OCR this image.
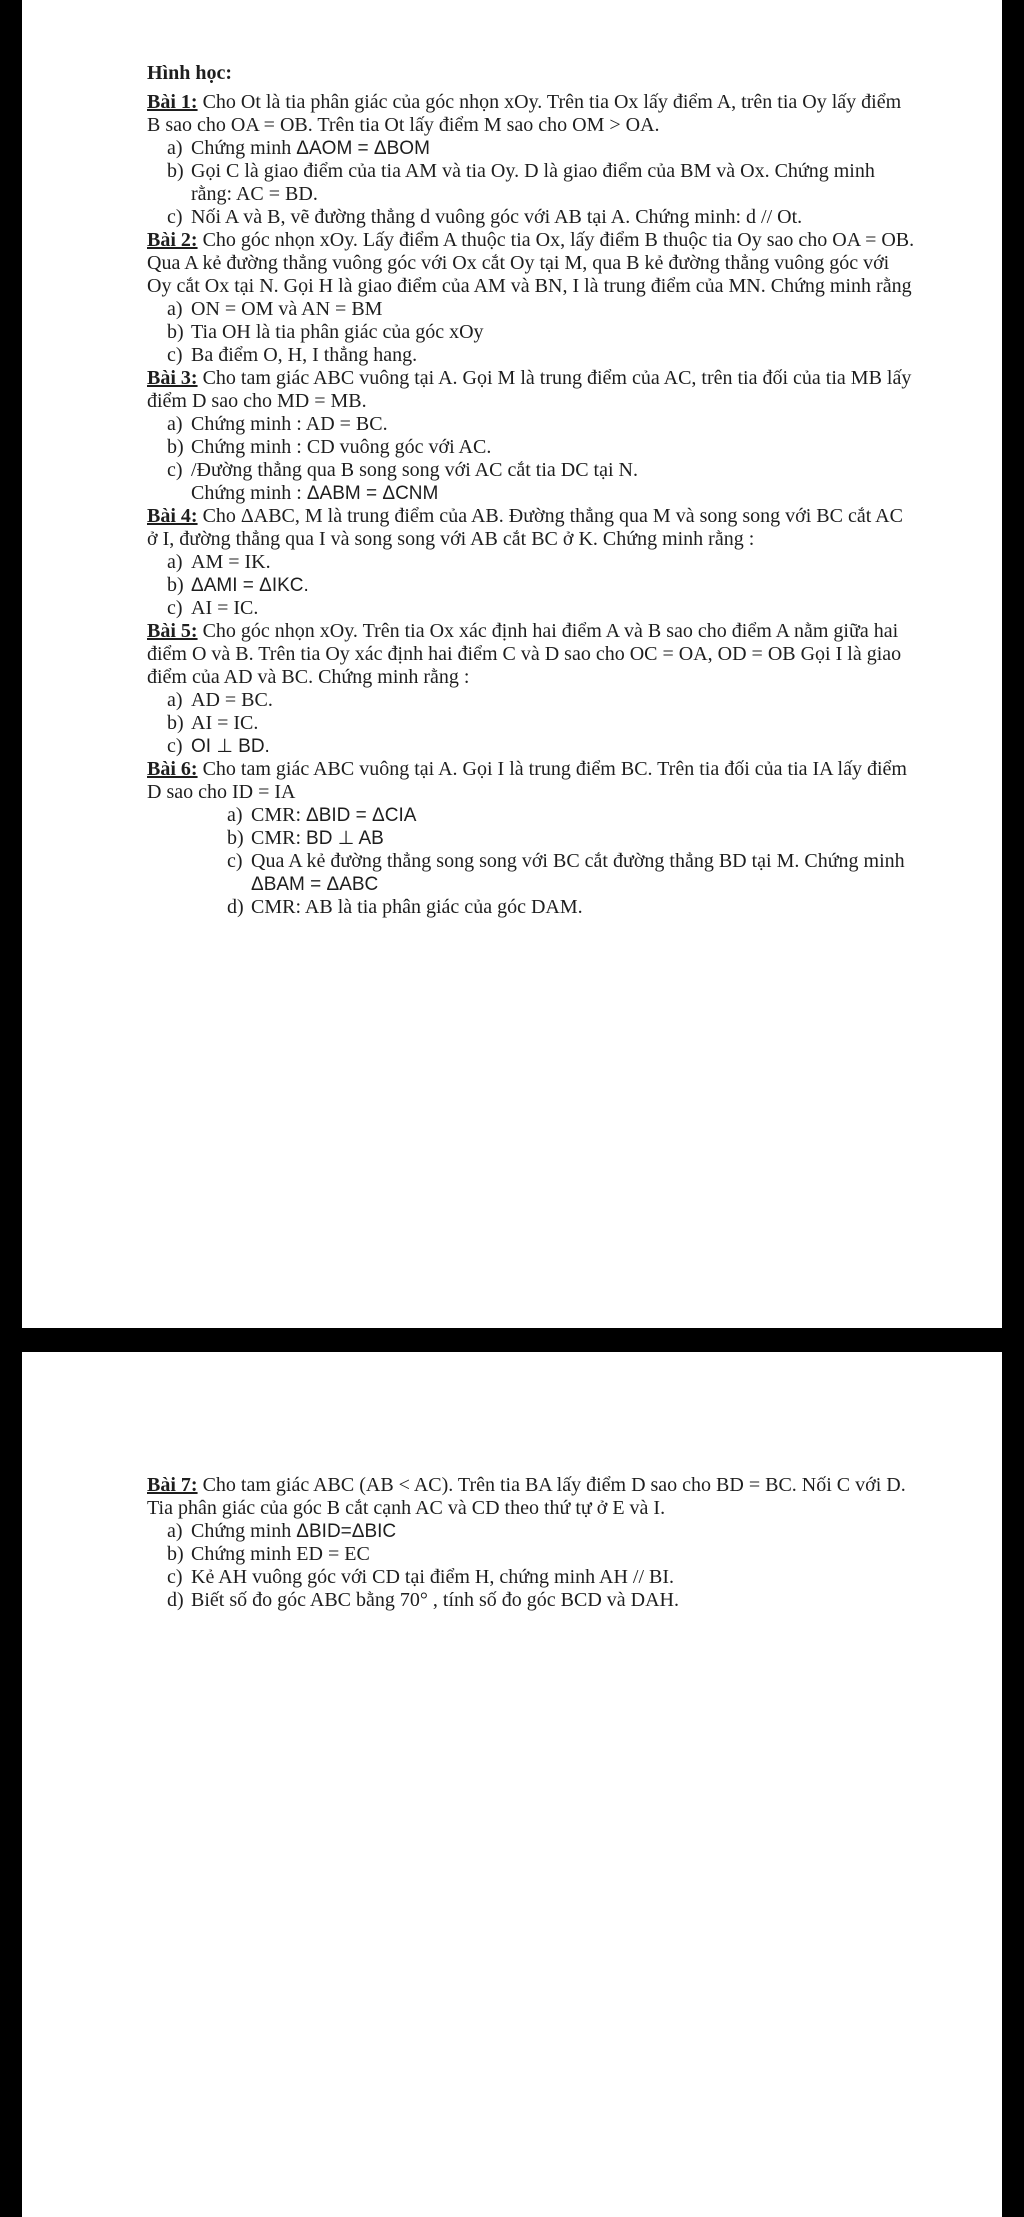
Hình học:

Bài 1: Cho Ot là tia phân giác của góc nhọn xOy. Trên tia Ox lấy điểm A, trên tia Oy lấy điểm B sao cho OA = OB. Trên tia Ot lấy điểm M sao cho OM > OA.

a) Chứng minh ΔAOM = ΔBOM
b) Gọi C là giao điểm của tia AM và tia Oy. D là giao điểm của BM và Ox. Chứng minh rằng: AC = BD.
c) Nối A và B, vẽ đường thẳng d vuông góc với AB tại A. Chứng minh: d // Ot.

Bài 2: Cho góc nhọn xOy. Lấy điểm A thuộc tia Ox, lấy điểm B thuộc tia Oy sao cho OA = OB. Qua A kẻ đường thẳng vuông góc với Ox cắt Oy tại M, qua B kẻ đường thẳng vuông góc với Oy cắt Ox tại N. Gọi H là giao điểm của AM và BN, I là trung điểm của MN. Chứng minh rằng

a) ON = OM và AN = BM
b) Tia OH là tia phân giác của góc xOy
c) Ba điểm O, H, I thẳng hang.

Bài 3: Cho tam giác ABC vuông tại A. Gọi M là trung điểm của AC, trên tia đối của tia MB lấy điểm D sao cho MD = MB.

a) Chứng minh : AD = BC.
b) Chứng minh : CD vuông góc với AC.
c) /Đường thẳng qua B song song với AC cắt tia DC tại N.
Chứng minh : ΔABM = ΔCNM

Bài 4: Cho ΔABC, M là trung điểm của AB. Đường thẳng qua M và song song với BC cắt AC ở I, đường thẳng qua I và song song với AB cắt BC ở K. Chứng minh rằng :

a) AM = IK.
b) ΔAMI = ΔIKC.
c) AI = IC.

Bài 5: Cho góc nhọn xOy. Trên tia Ox xác định hai điểm A và B sao cho điểm A nằm giữa hai điểm O và B. Trên tia Oy xác định hai điểm C và D sao cho OC = OA, OD = OB Gọi I là giao điểm của AD và BC. Chứng minh rằng :

a) AD = BC.
b) AI = IC.
c) OI ⊥ BD.

Bài 6: Cho tam giác ABC vuông tại A. Gọi I là trung điểm BC. Trên tia đối của tia IA lấy điểm D sao cho ID = IA

a) CMR: ΔBID = ΔCIA
b) CMR: BD ⊥ AB
c) Qua A kẻ đường thẳng song song với BC cắt đường thẳng BD tại M. Chứng minh ΔBAM = ΔABC
d) CMR: AB là tia phân giác của góc DAM.

Bài 7: Cho tam giác ABC (AB < AC). Trên tia BA lấy điểm D sao cho BD = BC. Nối C với D. Tia phân giác của góc B cắt cạnh AC và CD theo thứ tự ở E và I.

a) Chứng minh ΔBID=ΔBIC
b) Chứng minh ED = EC
c) Kẻ AH vuông góc với CD tại điểm H, chứng minh AH // BI.
d) Biết số đo góc ABC bằng 70° , tính số đo góc BCD và DAH.
